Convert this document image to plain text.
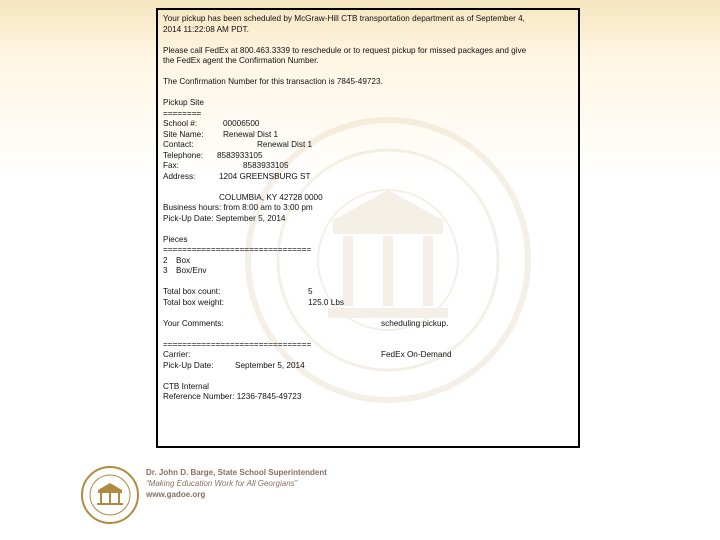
Your pickup has been scheduled by McGraw-Hill CTB transportation department as of September 4,
2014 11:22:08 AM PDT.
Please call FedEx at 800.463.3339 to reschedule or to request pickup for missed packages and give
the FedEx agent the Confirmation Number.
The Confirmation Number for this transaction is 7845-49723.
Pickup Site
========
School #:	00006500
Site Name: Renewal Dist 1
Contact:	Renewal Dist 1
Telephone: 8583933105
Fax:	8583933105
Address:	1204 GREENSBURG ST
COLUMBIA, KY 42728 0000
Business hours: from 8:00 am to 3:00 pm
Pick-Up Date: September 5, 2014
Pieces
===============================
2 Box
3 Box/Env
Total box count:	5
Total box weight:	125.0 Lbs
Your Comments:	scheduling pickup.
===============================
Carrier:	FedEx On-Demand
Pick-Up Date:	September 5, 2014
CTB Internal
Reference Number: 1236-7845-49723
Dr. John D. Barge, State School Superintendent
“Making Education Work for All Georgians”
www.gadoe.org
